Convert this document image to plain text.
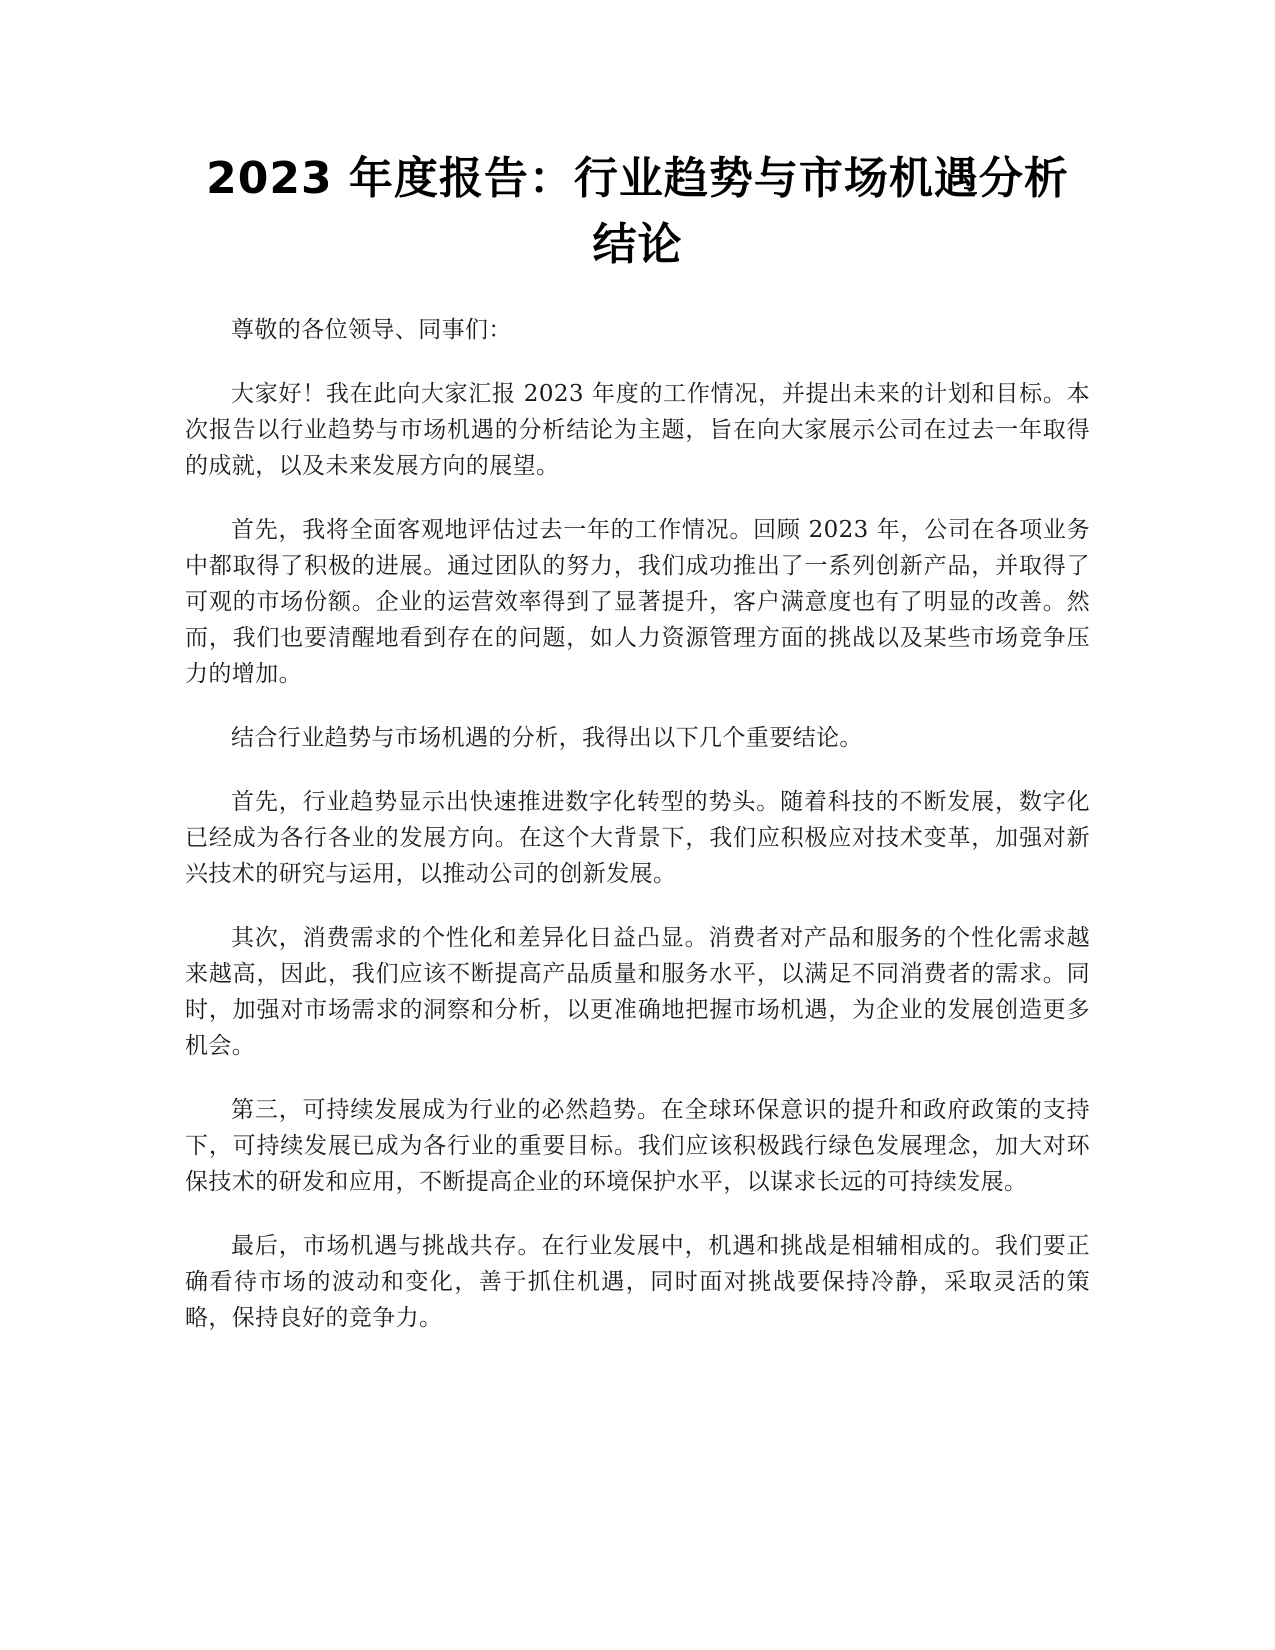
2023 年度报告：行业趋势与市场机遇分析结论

尊敬的各位领导、同事们：

大家好！我在此向大家汇报 2023 年度的工作情况，并提出未来的计划和目标。本次报告以行业趋势与市场机遇的分析结论为主题，旨在向大家展示公司在过去一年取得的成就，以及未来发展方向的展望。

首先，我将全面客观地评估过去一年的工作情况。回顾 2023 年，公司在各项业务中都取得了积极的进展。通过团队的努力，我们成功推出了一系列创新产品，并取得了可观的市场份额。企业的运营效率得到了显著提升，客户满意度也有了明显的改善。然而，我们也要清醒地看到存在的问题，如人力资源管理方面的挑战以及某些市场竞争压力的增加。

结合行业趋势与市场机遇的分析，我得出以下几个重要结论。

首先，行业趋势显示出快速推进数字化转型的势头。随着科技的不断发展，数字化已经成为各行各业的发展方向。在这个大背景下，我们应积极应对技术变革，加强对新兴技术的研究与运用，以推动公司的创新发展。

其次，消费需求的个性化和差异化日益凸显。消费者对产品和服务的个性化需求越来越高，因此，我们应该不断提高产品质量和服务水平，以满足不同消费者的需求。同时，加强对市场需求的洞察和分析，以更准确地把握市场机遇，为企业的发展创造更多机会。

第三，可持续发展成为行业的必然趋势。在全球环保意识的提升和政府政策的支持下，可持续发展已成为各行业的重要目标。我们应该积极践行绿色发展理念，加大对环保技术的研发和应用，不断提高企业的环境保护水平，以谋求长远的可持续发展。

最后，市场机遇与挑战共存。在行业发展中，机遇和挑战是相辅相成的。我们要正确看待市场的波动和变化，善于抓住机遇，同时面对挑战要保持冷静，采取灵活的策略，保持良好的竞争力。
